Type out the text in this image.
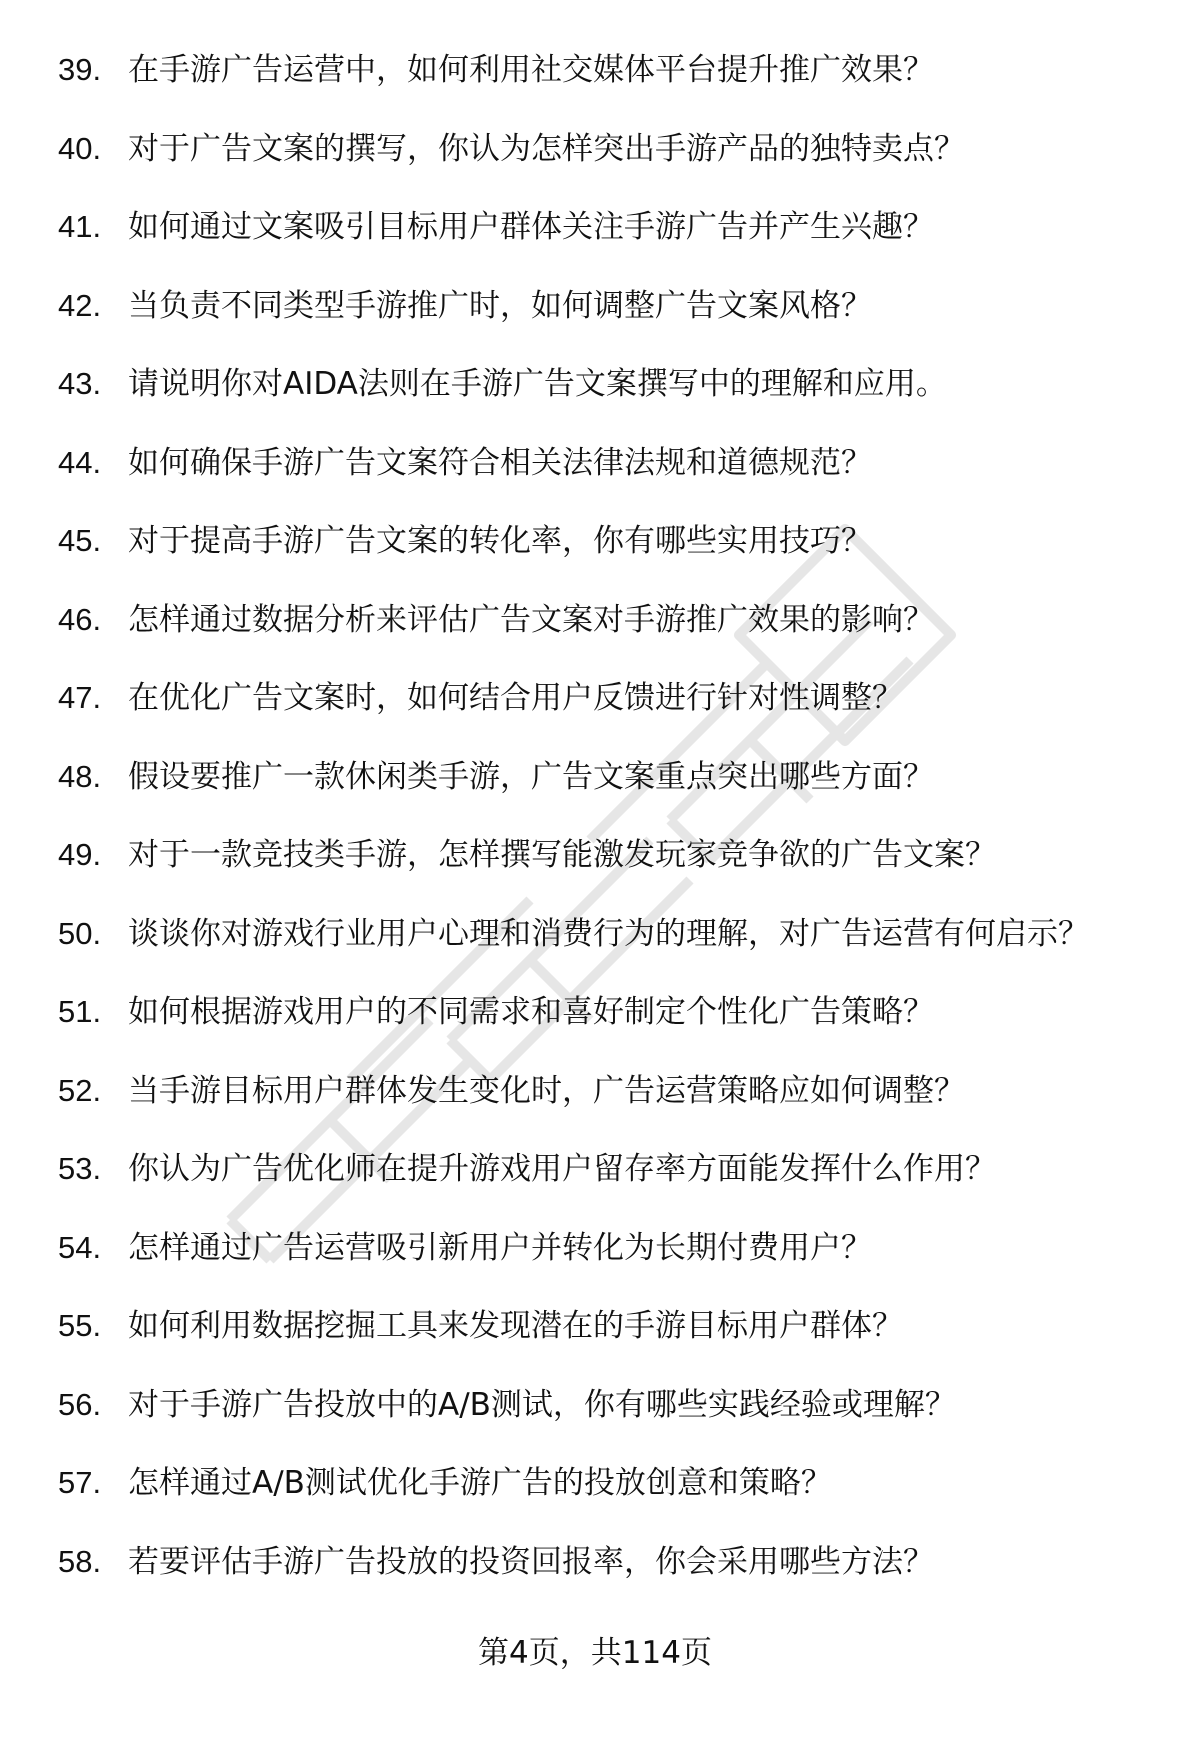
39. 在手游广告运营中，如何利用社交媒体平台提升推广效果？
40. 对于广告文案的撰写，你认为怎样突出手游产品的独特卖点？
41. 如何通过文案吸引目标用户群体关注手游广告并产生兴趣？
42. 当负责不同类型手游推广时，如何调整广告文案风格？
43. 请说明你对AIDA法则在手游广告文案撰写中的理解和应用。
44. 如何确保手游广告文案符合相关法律法规和道德规范？
45. 对于提高手游广告文案的转化率，你有哪些实用技巧？
46. 怎样通过数据分析来评估广告文案对手游推广效果的影响？
47. 在优化广告文案时，如何结合用户反馈进行针对性调整？
48. 假设要推广一款休闲类手游，广告文案重点突出哪些方面？
49. 对于一款竞技类手游，怎样撰写能激发玩家竞争欲的广告文案？
50. 谈谈你对游戏行业用户心理和消费行为的理解，对广告运营有何启示？
51. 如何根据游戏用户的不同需求和喜好制定个性化广告策略？
52. 当手游目标用户群体发生变化时，广告运营策略应如何调整？
53. 你认为广告优化师在提升游戏用户留存率方面能发挥什么作用？
54. 怎样通过广告运营吸引新用户并转化为长期付费用户？
55. 如何利用数据挖掘工具来发现潜在的手游目标用户群体？
56. 对于手游广告投放中的A/B测试，你有哪些实践经验或理解？
57. 怎样通过A/B测试优化手游广告的投放创意和策略？
58. 若要评估手游广告投放的投资回报率，你会采用哪些方法？
第4页，共114页
